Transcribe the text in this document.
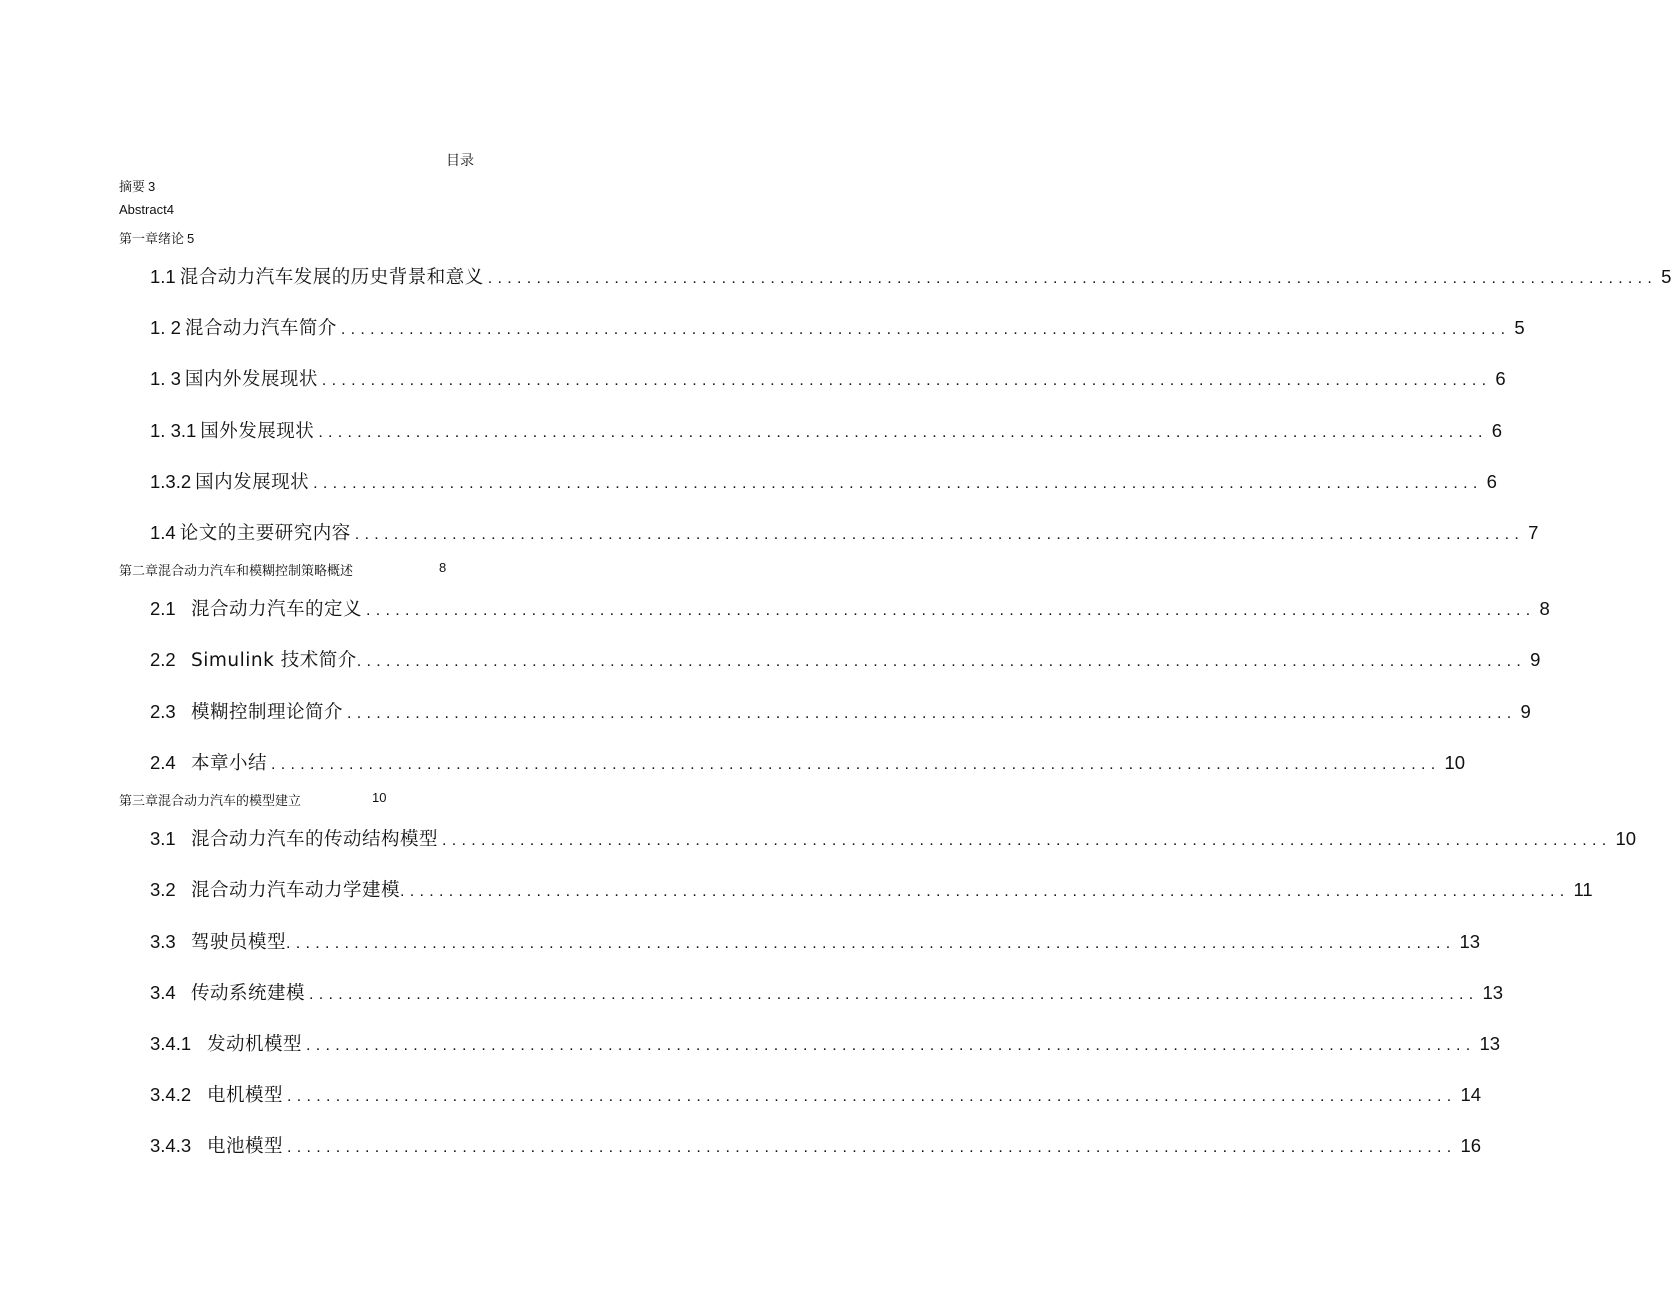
目录
摘要 3
Abstract4
第一章绪论 5
1.1 混合动力汽车发展的历史背景和意义 ........................................................................................................................ 5
1. 2 混合动力汽车简介 ........................................................................................................................ 5
1. 3 国内外发展现状 ........................................................................................................................ 6
1. 3.1 国外发展现状 ........................................................................................................................ 6
1.3.2 国内发展现状 ........................................................................................................................ 6
1.4 论文的主要研究内容 ........................................................................................................................ 7
第二章混合动力汽车和模糊控制策略概述	8
2.1 混合动力汽车的定义 ........................................................................................................................ 8
2.2 Simulink 技术简介 ........................................................................................................................ 9
2.3 模糊控制理论简介 ........................................................................................................................ 9
2.4 本章小结 ........................................................................................................................ 10
第三章混合动力汽车的模型建立	10
3.1 混合动力汽车的传动结构模型 ........................................................................................................................ 10
3.2 混合动力汽车动力学建模 ........................................................................................................................ 11
3.3 驾驶员模型 ........................................................................................................................ 13
3.4 传动系统建模 ........................................................................................................................ 13
3.4.1 发动机模型 ........................................................................................................................ 13
3.4.2 电机模型 ........................................................................................................................ 14
3.4.3 电池模型 ........................................................................................................................ 16
